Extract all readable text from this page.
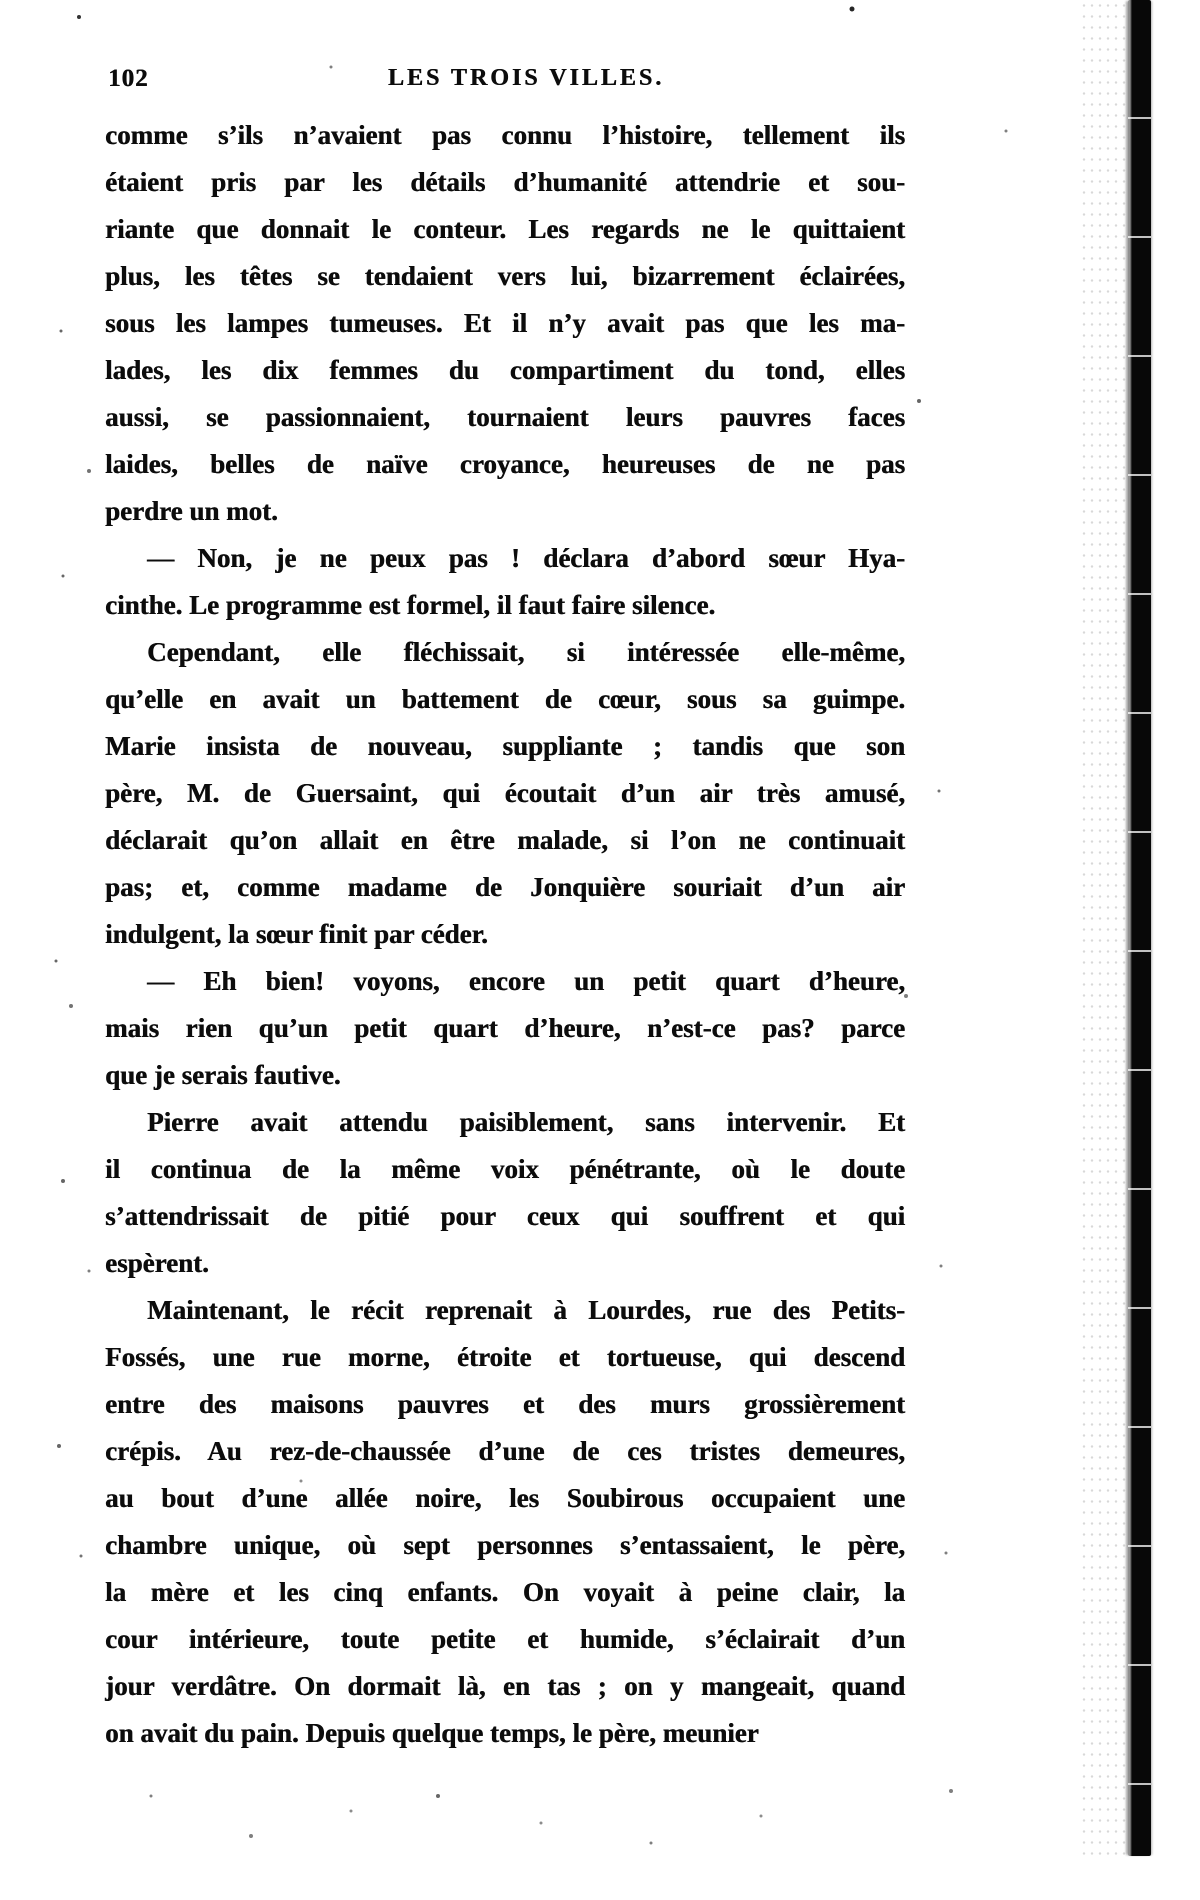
102	LES TROIS VILLES.
comme s’ils n’avaient pas connu l’histoire, tellement ils
étaient pris par les détails d’humanité attendrie et sou-
riante que donnait le conteur. Les regards ne le quittaient
plus, les têtes se tendaient vers lui, bizarrement éclairées,
sous les lampes tumeuses. Et il n’y avait pas que les ma-
lades, les dix femmes du compartiment du tond, elles
aussi, se passionnaient, tournaient leurs pauvres faces
laides, belles de naïve croyance, heureuses de ne pas
perdre un mot.
— Non, je ne peux pas ! déclara d’abord sœur Hya-
cinthe. Le programme est formel, il faut faire silence.
Cependant, elle fléchissait, si intéressée elle-même,
qu’elle en avait un battement de cœur, sous sa guimpe.
Marie insista de nouveau, suppliante ; tandis que son
père, M. de Guersaint, qui écoutait d’un air très amusé,
déclarait qu’on allait en être malade, si l’on ne continuait
pas; et, comme madame de Jonquière souriait d’un air
indulgent, la sœur finit par céder.
— Eh bien! voyons, encore un petit quart d’heure,
mais rien qu’un petit quart d’heure, n’est-ce pas? parce
que je serais fautive.
Pierre avait attendu paisiblement, sans intervenir. Et
il continua de la même voix pénétrante, où le doute
s’attendrissait de pitié pour ceux qui souffrent et qui
espèrent.
Maintenant, le récit reprenait à Lourdes, rue des Petits-
Fossés, une rue morne, étroite et tortueuse, qui descend
entre des maisons pauvres et des murs grossièrement
crépis. Au rez-de-chaussée d’une de ces tristes demeures,
au bout d’une allée noire, les Soubirous occupaient une
chambre unique, où sept personnes s’entassaient, le père,
la mère et les cinq enfants. On voyait à peine clair, la
cour intérieure, toute petite et humide, s’éclairait d’un
jour verdâtre. On dormait là, en tas ; on y mangeait, quand
on avait du pain. Depuis quelque temps, le père, meunier
